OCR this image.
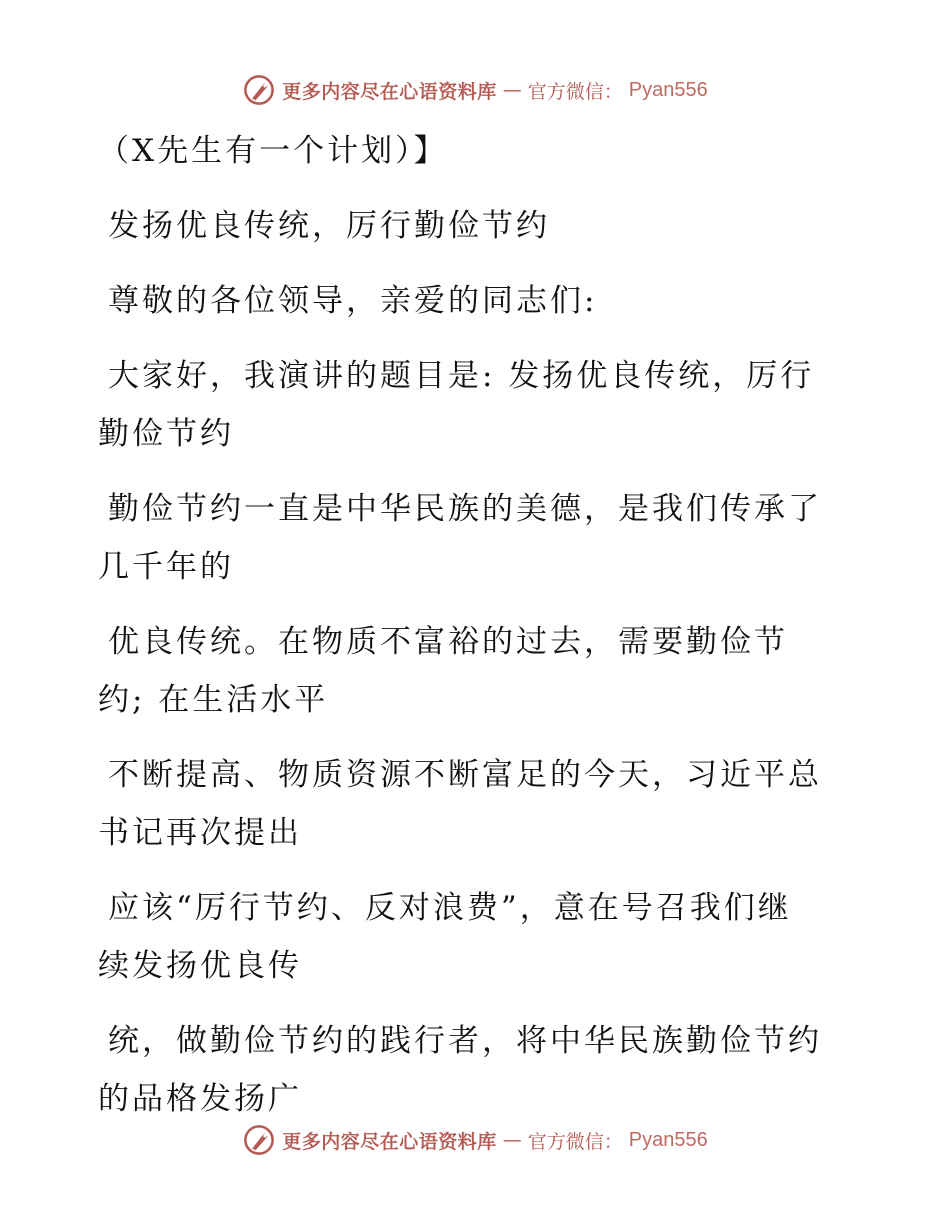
更多内容尽在心语资料库 — 官方微信： Pyan556

（X先生有一个计划）】

发扬优良传统，厉行勤俭节约

尊敬的各位领导，亲爱的同志们:

大家好，我演讲的题目是: 发扬优良传统，厉行

勤俭节约

勤俭节约一直是中华民族的美德，是我们传承了

几千年的

优良传统。在物质不富裕的过去，需要勤俭节

约; 在生活水平

不断提高、物质资源不断富足的今天，习近平总

书记再次提出

应该“厉行节约、反对浪费”，意在号召我们继

续发扬优良传

统，做勤俭节约的践行者，将中华民族勤俭节约

的品格发扬广

更多内容尽在心语资料库 — 官方微信： Pyan556
